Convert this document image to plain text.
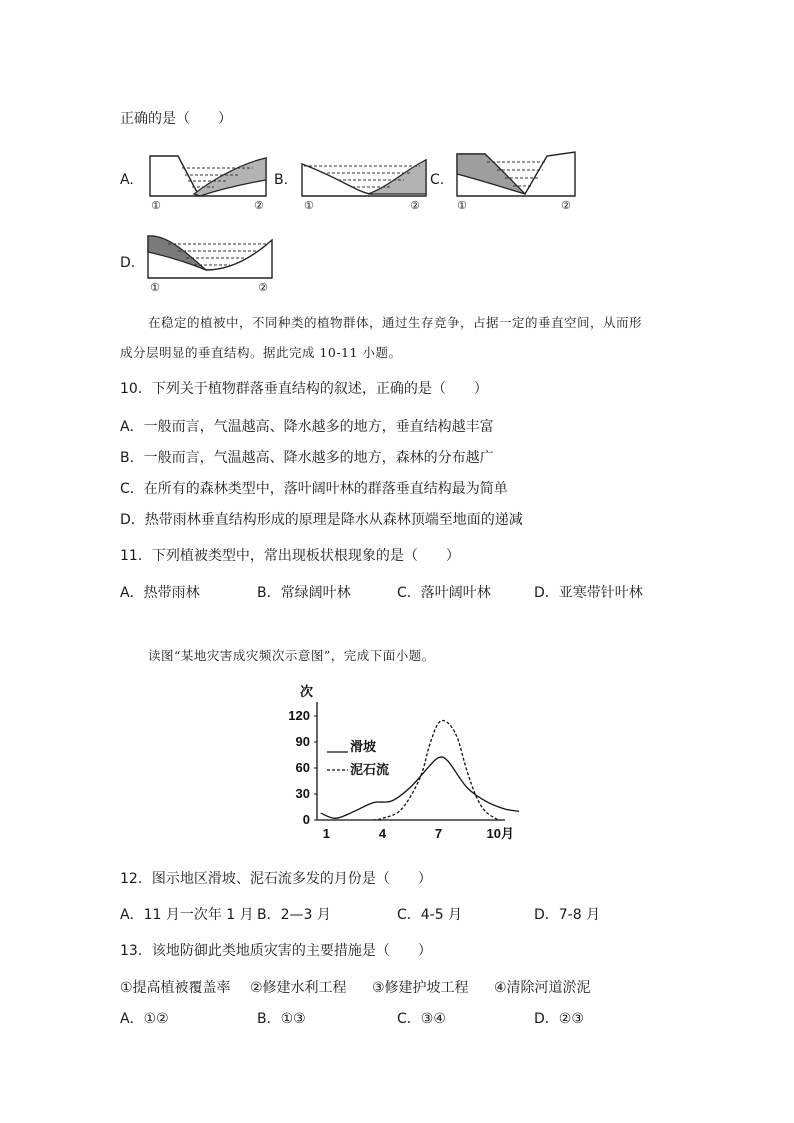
正确的是（　　）
A.
①	②
B.
①	②
C.
①	②
D.
①	②
在稳定的植被中，不同种类的植物群体，通过生存竞争，占据一定的垂直空间，从而形
成分层明显的垂直结构。据此完成 10-11 小题。
10．下列关于植物群落垂直结构的叙述，正确的是（　　）
A．一般而言，气温越高、降水越多的地方，垂直结构越丰富
B．一般而言，气温越高、降水越多的地方，森林的分布越广
C．在所有的森林类型中，落叶阔叶林的群落垂直结构最为简单
D．热带雨林垂直结构形成的原理是降水从森林顶端至地面的递减
11．下列植被类型中，常出现板状根现象的是（　　）
A．热带雨林	B．常绿阔叶林	C．落叶阔叶林	D．亚寒带针叶林
读图“某地灾害成灾频次示意图”，完成下面小题。
次
120
90
60
30
0
1	4	7	10月
滑坡
泥石流
12．图示地区滑坡、泥石流多发的月份是（　　）
A．11 月一次年 1 月 B．2—3 月	C．4-5 月	D．7-8 月
13．该地防御此类地质灾害的主要措施是（　　）
①提高植被覆盖率 ②修建水利工程 ③修建护坡工程 ④清除河道淤泥
A．①②	B．①③	C．③④	D．②③
